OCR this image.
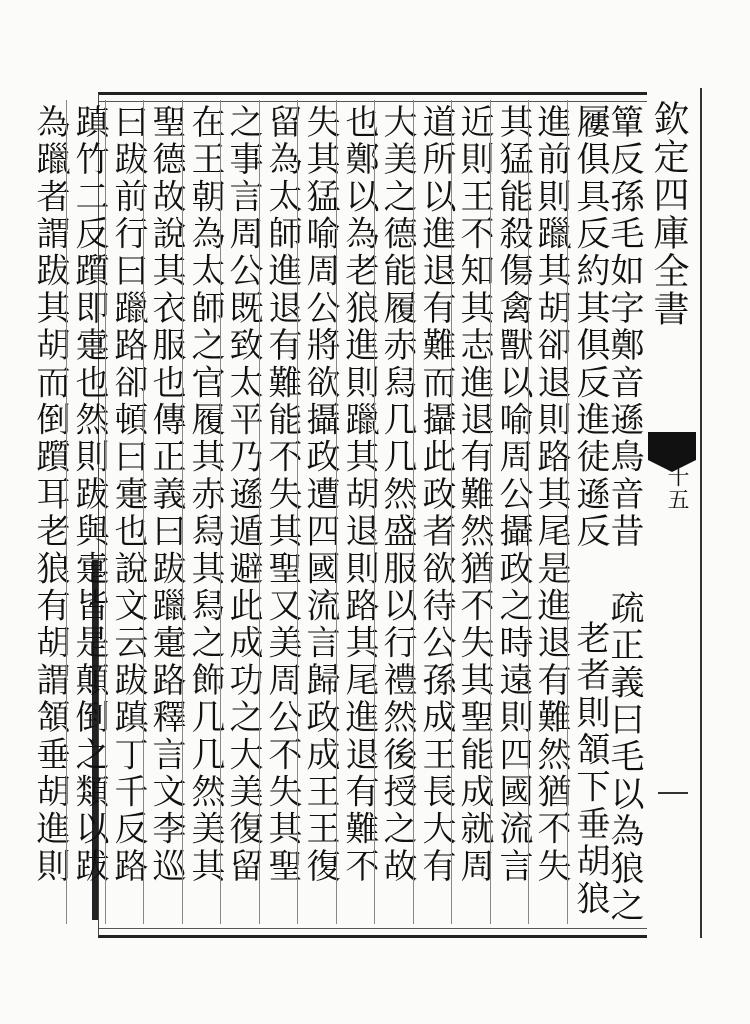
欽定四庫全書
卷十五
簞反孫毛如字鄭音遜鳥音昔
屨俱具反約其俱反進徒遜反
疏正義曰毛以為狼之
老者則頷下垂胡狼
進前則躐其胡卻退則路其尾是進退有難然猶不失
其猛能殺傷禽獸以喻周公攝政之時遠則四國流言
近則王不知其志進退有難然猶不失其聖能成就周
道所以進退有難而攝此政者欲待公孫成王長大有
大美之德能履赤舄几几然盛服以行禮然後授之故
也鄭以為老狼進則躐其胡退則路其尾進退有難不
失其猛喻周公將欲攝政遭四國流言歸政成王王復
留為太師進退有難能不失其聖又美周公不失其聖
之事言周公既致太平乃遜遁避此成功之大美復留
在王朝為太師之官履其赤舄其舄之飾几几然美其
聖德故說其衣服也傳正義曰跋躐疐路釋言文李巡
曰跋前行曰躐路卻頓曰疐也說文云跋蹎丁千反路
蹎竹二反躓即疐也然則跋與疐皆是顛倒之類以跋
為躐者謂跋其胡而倒躓耳老狼有胡謂頷垂胡進則
